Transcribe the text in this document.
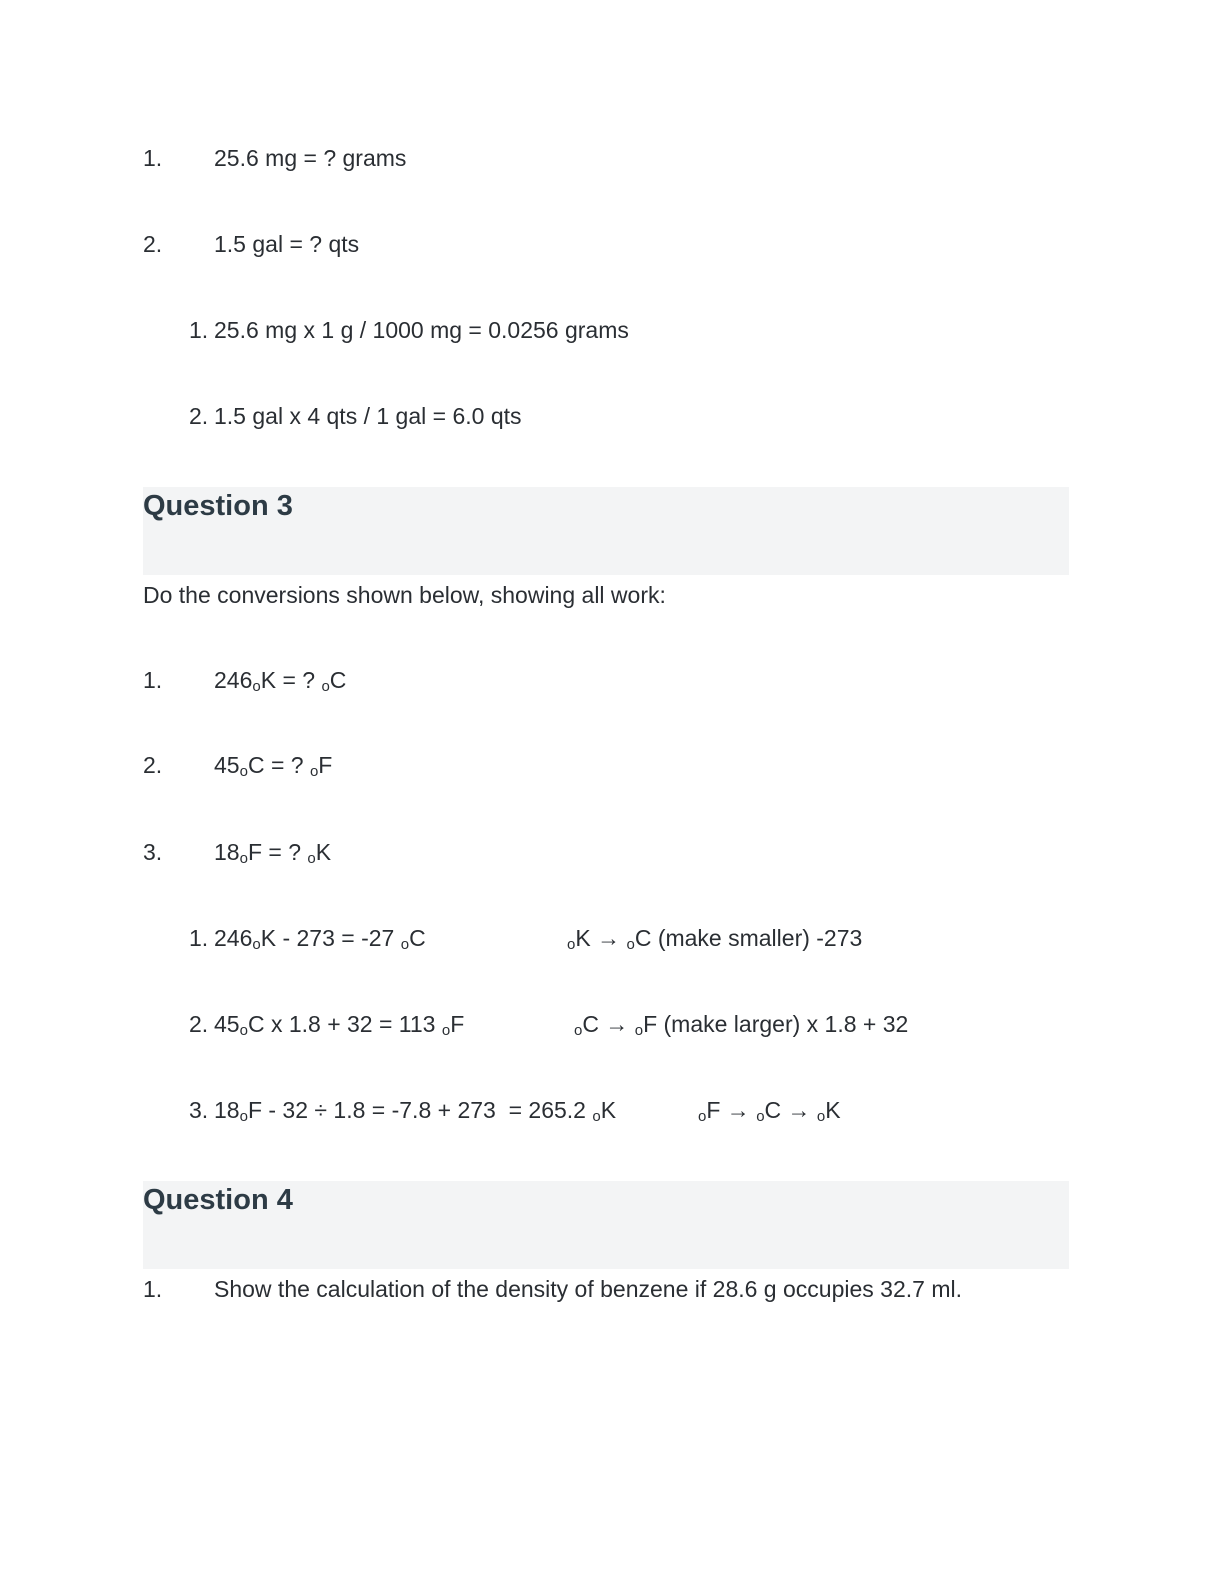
1. 25.6 mg = ? grams
2. 1.5 gal = ? qts
1. 25.6 mg x 1 g / 1000 mg = 0.0256 grams
2. 1.5 gal x 4 qts / 1 gal = 6.0 qts
Question 3
Do the conversions shown below, showing all work:
1. 246oK = ? oC
2. 45oC = ? oF
3. 18oF = ? oK
1. 246oK - 273 = -27 oC	oK → oC (make smaller) -273
2. 45oC x 1.8 + 32 = 113 oF	oC → oF (make larger) x 1.8 + 32
3. 18oF - 32 ÷ 1.8 = -7.8 + 273  = 265.2 oK	oF → oC → oK
Question 4
1. Show the calculation of the density of benzene if 28.6 g occupies 32.7 ml.
